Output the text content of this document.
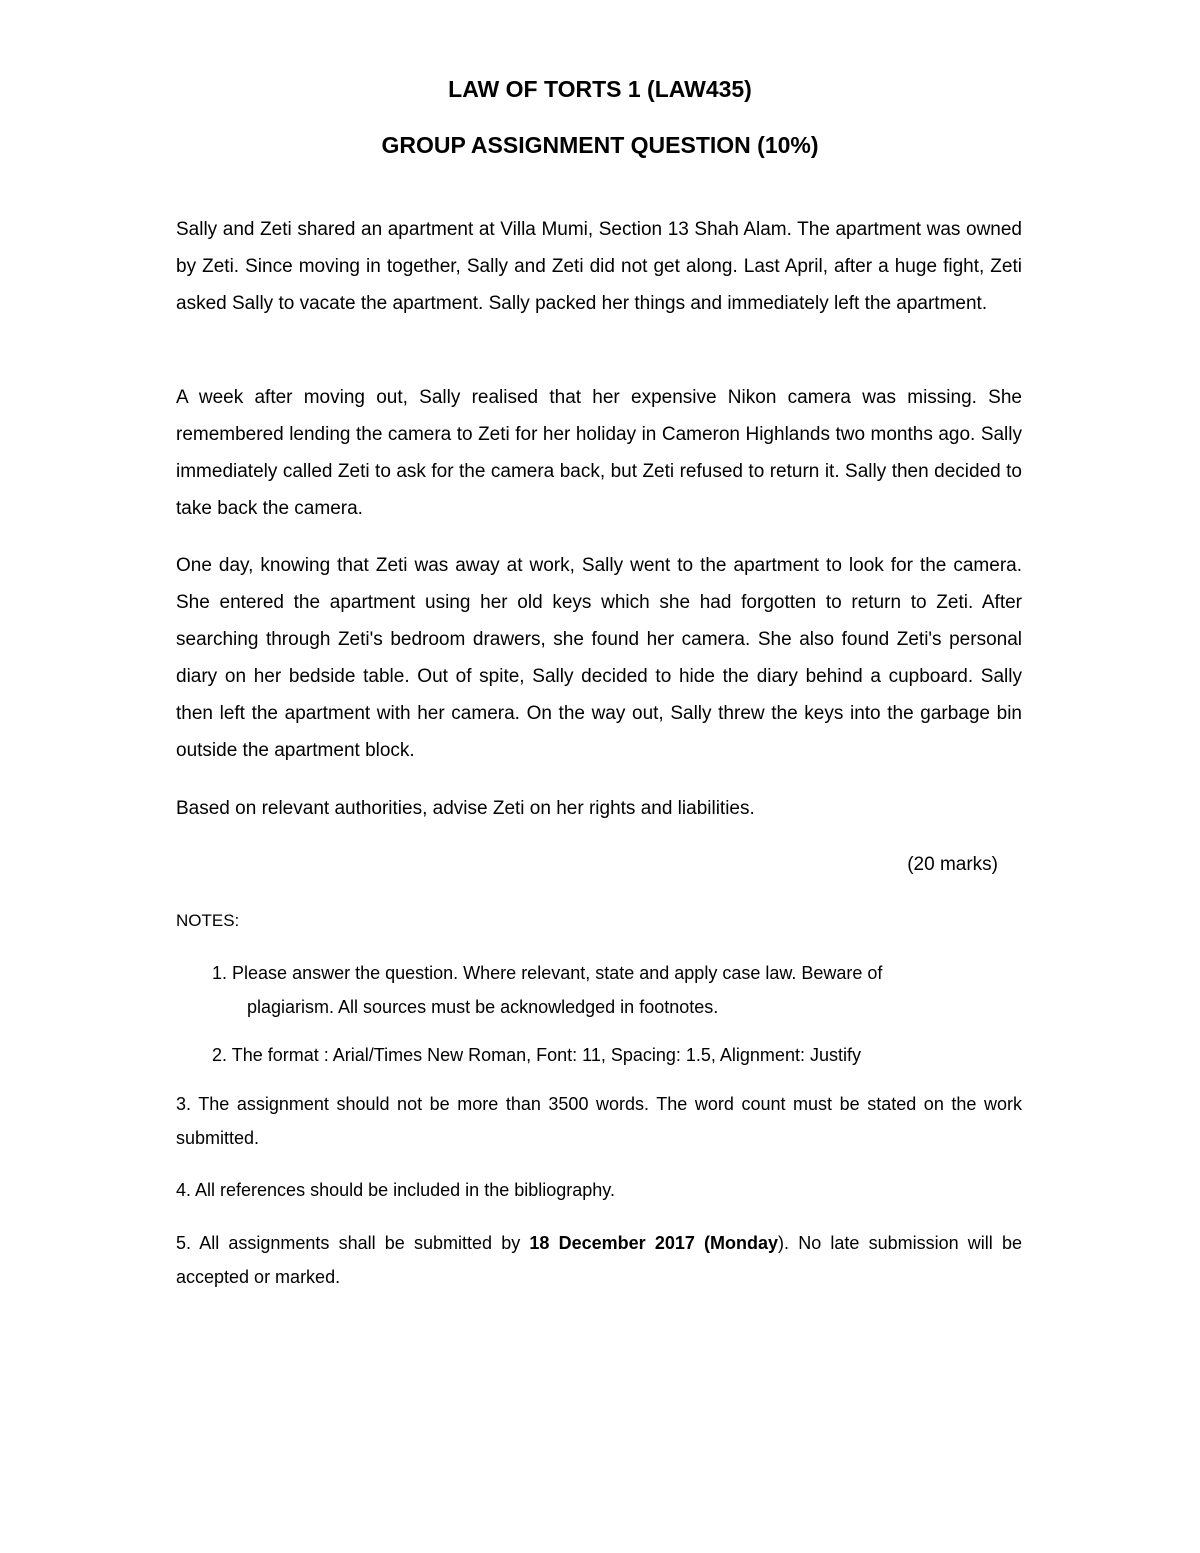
LAW OF TORTS 1 (LAW435)
GROUP ASSIGNMENT QUESTION (10%)

Sally and Zeti shared an apartment at Villa Mumi, Section 13 Shah Alam. The apartment was owned by Zeti. Since moving in together, Sally and Zeti did not get along. Last April, after a huge fight, Zeti asked Sally to vacate the apartment. Sally packed her things and immediately left the apartment.

A week after moving out, Sally realised that her expensive Nikon camera was missing. She remembered lending the camera to Zeti for her holiday in Cameron Highlands two months ago. Sally immediately called Zeti to ask for the camera back, but Zeti refused to return it. Sally then decided to take back the camera.

One day, knowing that Zeti was away at work, Sally went to the apartment to look for the camera. She entered the apartment using her old keys which she had forgotten to return to Zeti. After searching through Zeti's bedroom drawers, she found her camera. She also found Zeti's personal diary on her bedside table. Out of spite, Sally decided to hide the diary behind a cupboard. Sally then left the apartment with her camera. On the way out, Sally threw the keys into the garbage bin outside the apartment block.

Based on relevant authorities, advise Zeti on her rights and liabilities.

(20 marks)
NOTES:
1. Please answer the question. Where relevant, state and apply case law. Beware of
plagiarism. All sources must be acknowledged in footnotes.
2. The format : Arial/Times New Roman, Font: 11, Spacing: 1.5, Alignment: Justify
3. The assignment should not be more than 3500 words. The word count must be stated on the work submitted.
4. All references should be included in the bibliography.
5. All assignments shall be submitted by 18 December 2017 (Monday). No late submission will be accepted or marked.
